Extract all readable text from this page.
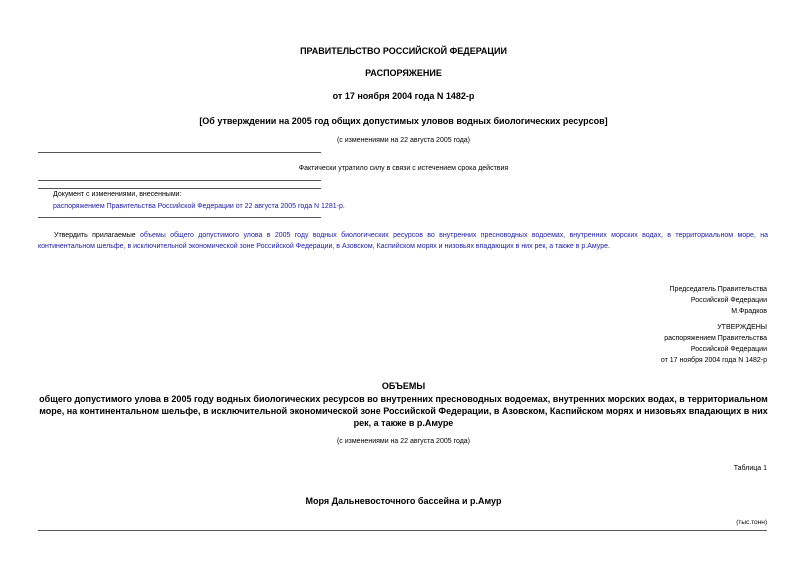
ПРАВИТЕЛЬСТВО РОССИЙСКОЙ ФЕДЕРАЦИИ
РАСПОРЯЖЕНИЕ
от 17 ноября 2004 года N 1482-р
[Об утверждении на 2005 год общих допустимых уловов водных биологических ресурсов]
(с изменениями на 22 августа 2005 года)
Фактически утратило силу в связи с истечением срока действия
Документ с изменениями, внесенными:
распоряжением Правительства Российской Федерации от 22 августа 2005 года N 1281-р.
Утвердить прилагаемые объемы общего допустимого улова в 2005 году водных биологических ресурсов во внутренних пресноводных водоемах, внутренних морских водах, в территориальном море, на континентальном шельфе, в исключительной экономической зоне Российской Федерации, в Азовском, Каспийском морях и низовьях впадающих в них рек, а также в р.Амуре.
Председатель Правительства
Российской Федерации
М.Фрадков
УТВЕРЖДЕНЫ
распоряжением Правительства
Российской Федерации
от 17 ноября 2004 года N 1482-р
ОБЪЕМЫ
общего допустимого улова в 2005 году водных биологических ресурсов во внутренних пресноводных водоемах, внутренних морских водах, в территориальном море, на континентальном шельфе, в исключительной экономической зоне Российской Федерации, в Азовском, Каспийском морях и низовьях впадающих в них рек, а также в р.Амуре
(с изменениями на 22 августа 2005 года)
Таблица 1
Моря Дальневосточного бассейна и р.Амур
(тыс.тонн)
